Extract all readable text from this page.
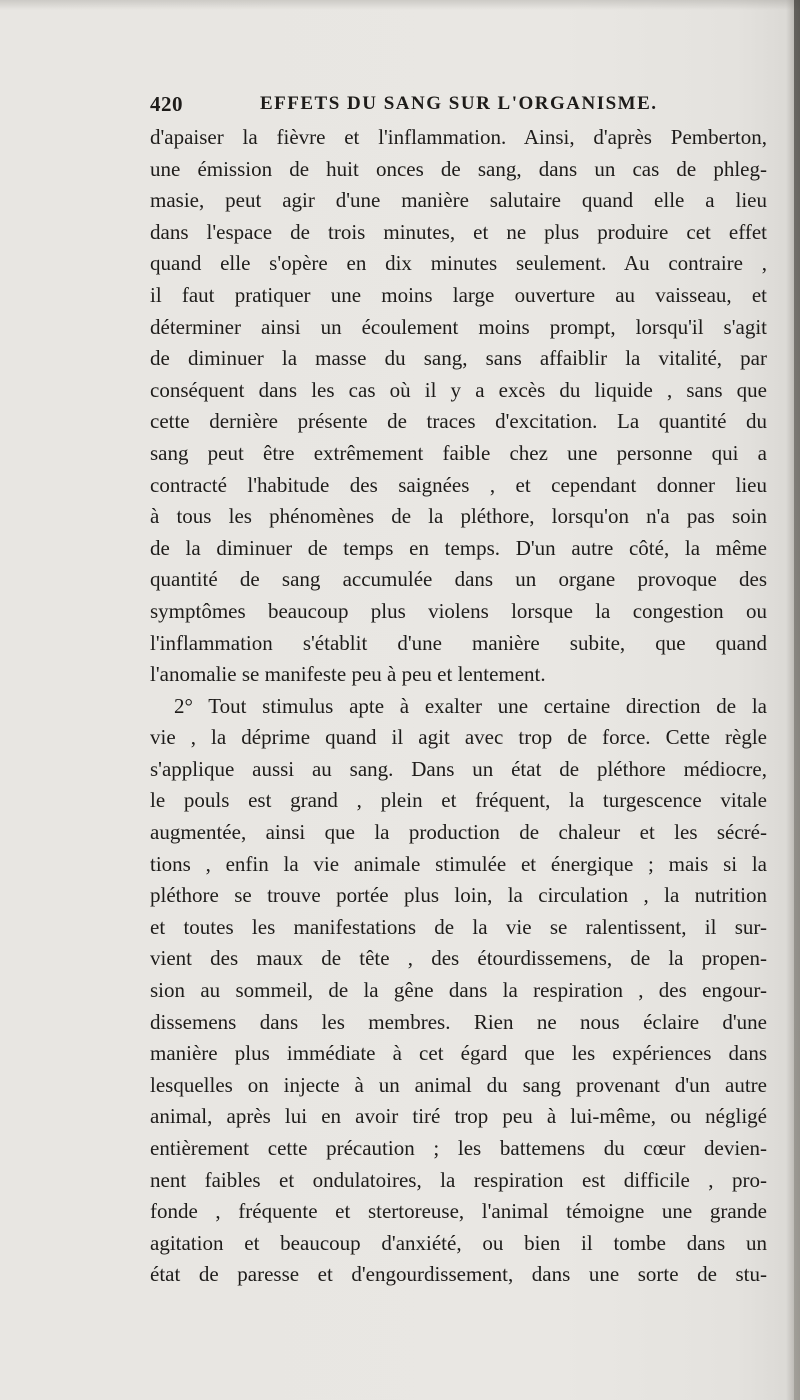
420	EFFETS DU SANG SUR L'ORGANISME.
d'apaiser la fièvre et l'inflammation. Ainsi, d'après Pemberton,
une émission de huit onces de sang, dans un cas de phleg-
masie, peut agir d'une manière salutaire quand elle a lieu
dans l'espace de trois minutes, et ne plus produire cet effet
quand elle s'opère en dix minutes seulement. Au contraire ,
il faut pratiquer une moins large ouverture au vaisseau, et
déterminer ainsi un écoulement moins prompt, lorsqu'il s'agit
de diminuer la masse du sang, sans affaiblir la vitalité, par
conséquent dans les cas où il y a excès du liquide , sans que
cette dernière présente de traces d'excitation. La quantité du
sang peut être extrêmement faible chez une personne qui a
contracté l'habitude des saignées , et cependant donner lieu
à tous les phénomènes de la pléthore, lorsqu'on n'a pas soin
de la diminuer de temps en temps. D'un autre côté, la même
quantité de sang accumulée dans un organe provoque des
symptômes beaucoup plus violens lorsque la congestion ou
l'inflammation s'établit d'une manière subite, que quand
l'anomalie se manifeste peu à peu et lentement.
2° Tout stimulus apte à exalter une certaine direction de la
vie , la déprime quand il agit avec trop de force. Cette règle
s'applique aussi au sang. Dans un état de pléthore médiocre,
le pouls est grand , plein et fréquent, la turgescence vitale
augmentée, ainsi que la production de chaleur et les sécré-
tions , enfin la vie animale stimulée et énergique ; mais si la
pléthore se trouve portée plus loin, la circulation , la nutrition
et toutes les manifestations de la vie se ralentissent, il sur-
vient des maux de tête , des étourdissemens, de la propen-
sion au sommeil, de la gêne dans la respiration , des engour-
dissemens dans les membres. Rien ne nous éclaire d'une
manière plus immédiate à cet égard que les expériences dans
lesquelles on injecte à un animal du sang provenant d'un autre
animal, après lui en avoir tiré trop peu à lui-même, ou négligé
entièrement cette précaution ; les battemens du cœur devien-
nent faibles et ondulatoires, la respiration est difficile , pro-
fonde , fréquente et stertoreuse, l'animal témoigne une grande
agitation et beaucoup d'anxiété, ou bien il tombe dans un
état de paresse et d'engourdissement, dans une sorte de stu-
